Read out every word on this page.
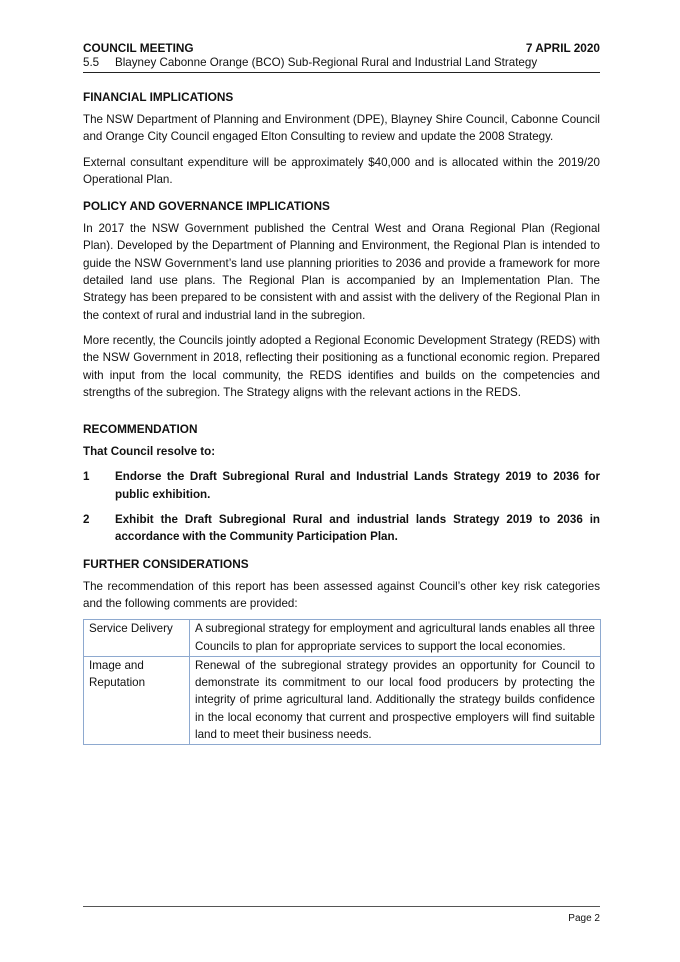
COUNCIL MEETING	7 APRIL 2020
5.5	Blayney Cabonne Orange (BCO) Sub-Regional Rural and Industrial Land Strategy
FINANCIAL IMPLICATIONS

The NSW Department of Planning and Environment (DPE), Blayney Shire Council, Cabonne Council and Orange City Council engaged Elton Consulting to review and update the 2008 Strategy.

External consultant expenditure will be approximately $40,000 and is allocated within the 2019/20 Operational Plan.

POLICY AND GOVERNANCE IMPLICATIONS

In 2017 the NSW Government published the Central West and Orana Regional Plan (Regional Plan). Developed by the Department of Planning and Environment, the Regional Plan is intended to guide the NSW Government’s land use planning priorities to 2036 and provide a framework for more detailed land use plans. The Regional Plan is accompanied by an Implementation Plan. The Strategy has been prepared to be consistent with and assist with the delivery of the Regional Plan in the context of rural and industrial land in the subregion.

More recently, the Councils jointly adopted a Regional Economic Development Strategy (REDS) with the NSW Government in 2018, reflecting their positioning as a functional economic region. Prepared with input from the local community, the REDS identifies and builds on the competencies and strengths of the subregion. The Strategy aligns with the relevant actions in the REDS.

RECOMMENDATION

That Council resolve to:

1	Endorse the Draft Subregional Rural and Industrial Lands Strategy 2019 to 2036 for public exhibition.
2	Exhibit the Draft Subregional Rural and industrial lands Strategy 2019 to 2036 in accordance with the Community Participation Plan.
FURTHER CONSIDERATIONS

The recommendation of this report has been assessed against Council’s other key risk categories and the following comments are provided:

Service Delivery	A subregional strategy for employment and agricultural lands enables all three Councils to plan for appropriate services to support the local economies.
Image and Reputation	Renewal of the subregional strategy provides an opportunity for Council to demonstrate its commitment to our local food producers by protecting the integrity of prime agricultural land. Additionally the strategy builds confidence in the local economy that current and prospective employers will find suitable land to meet their business needs.
Page 2
